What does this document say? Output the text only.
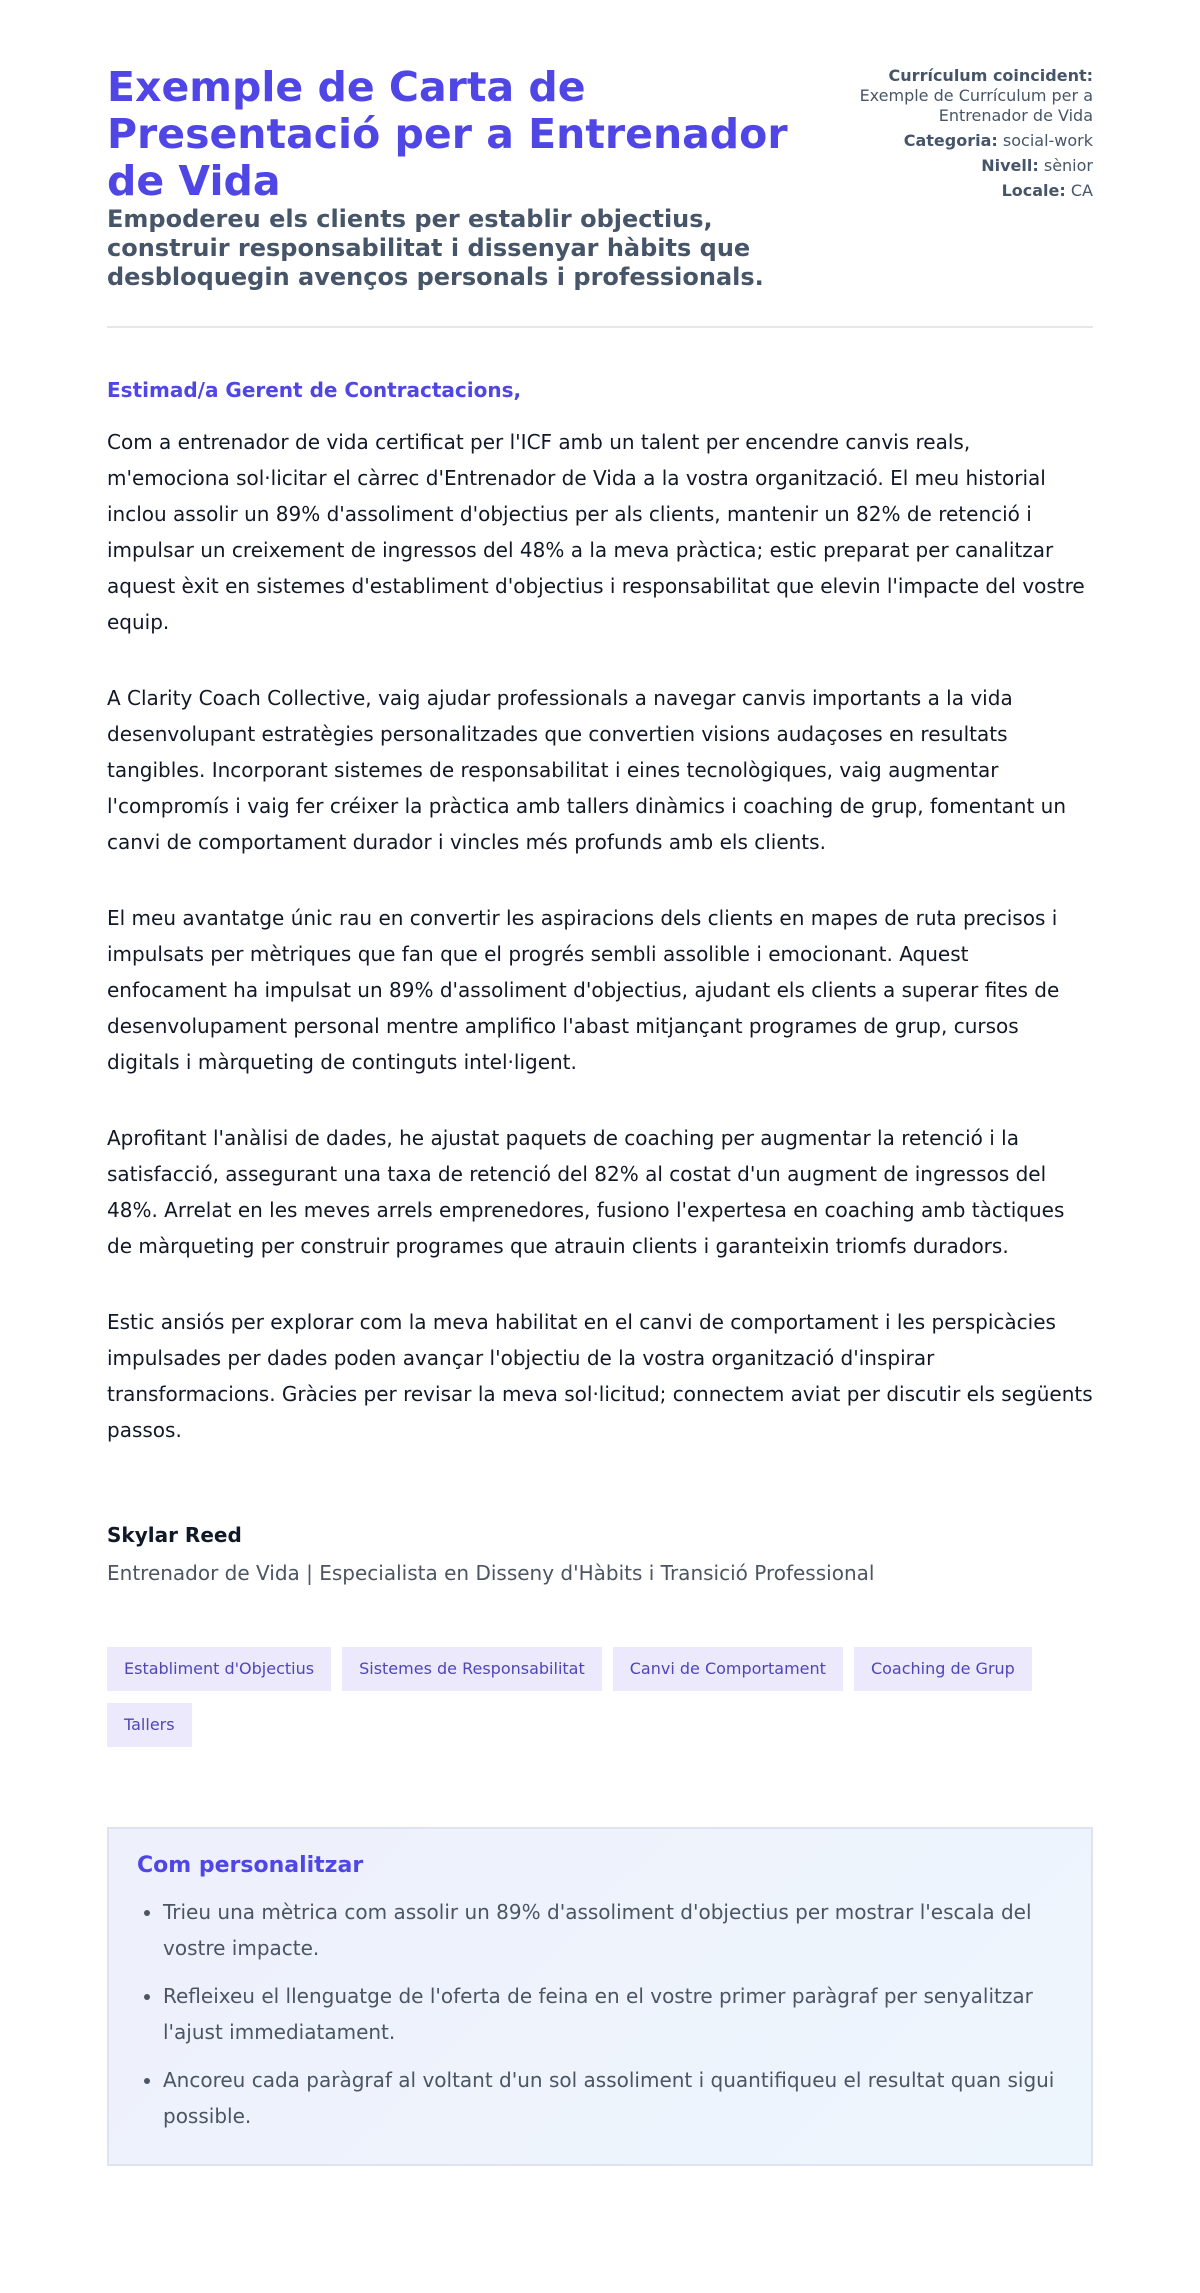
Exemple de Carta de Presentació per a Entrenador de Vida
Empodereu els clients per establir objectius, construir responsabilitat i dissenyar hàbits que desbloquegin avenços personals i professionals.
Currículum coincident:
Exemple de Currículum per a Entrenador de Vida
Categoria: social-work
Nivell: sènior
Locale: CA

Estimad/a Gerent de Contractacions,

Com a entrenador de vida certificat per l'ICF amb un talent per encendre canvis reals, m'emociona sol·licitar el càrrec d'Entrenador de Vida a la vostra organització. El meu historial inclou assolir un 89% d'assoliment d'objectius per als clients, mantenir un 82% de retenció i impulsar un creixement de ingressos del 48% a la meva pràctica; estic preparat per canalitzar aquest èxit en sistemes d'establiment d'objectius i responsabilitat que elevin l'impacte del vostre equip.

A Clarity Coach Collective, vaig ajudar professionals a navegar canvis importants a la vida desenvolupant estratègies personalitzades que convertien visions audaçoses en resultats tangibles. Incorporant sistemes de responsabilitat i eines tecnològiques, vaig augmentar l'compromís i vaig fer créixer la pràctica amb tallers dinàmics i coaching de grup, fomentant un canvi de comportament durador i vincles més profunds amb els clients.

El meu avantatge únic rau en convertir les aspiracions dels clients en mapes de ruta precisos i impulsats per mètriques que fan que el progrés sembli assolible i emocionant. Aquest enfocament ha impulsat un 89% d'assoliment d'objectius, ajudant els clients a superar fites de desenvolupament personal mentre amplifico l'abast mitjançant programes de grup, cursos digitals i màrqueting de continguts intel·ligent.

Aprofitant l'anàlisi de dades, he ajustat paquets de coaching per augmentar la retenció i la satisfacció, assegurant una taxa de retenció del 82% al costat d'un augment de ingressos del 48%. Arrelat en les meves arrels emprenedores, fusiono l'expertesa en coaching amb tàctiques de màrqueting per construir programes que atrauin clients i garanteixin triomfs duradors.

Estic ansiós per explorar com la meva habilitat en el canvi de comportament i les perspicàcies impulsades per dades poden avançar l'objectiu de la vostra organització d'inspirar transformacions. Gràcies per revisar la meva sol·licitud; connectem aviat per discutir els següents passos.

Skylar Reed

Entrenador de Vida | Especialista en Disseny d'Hàbits i Transició Professional

Establiment d'Objectius	Sistemes de Responsabilitat	Canvi de Comportament	Coaching de Grup
Tallers
Com personalitzar
• Trieu una mètrica com assolir un 89% d'assoliment d'objectius per mostrar l'escala del vostre impacte.
• Refleixeu el llenguatge de l'oferta de feina en el vostre primer paràgraf per senyalitzar l'ajust immediatament.
• Ancoreu cada paràgraf al voltant d'un sol assoliment i quantifiqueu el resultat quan sigui possible.
